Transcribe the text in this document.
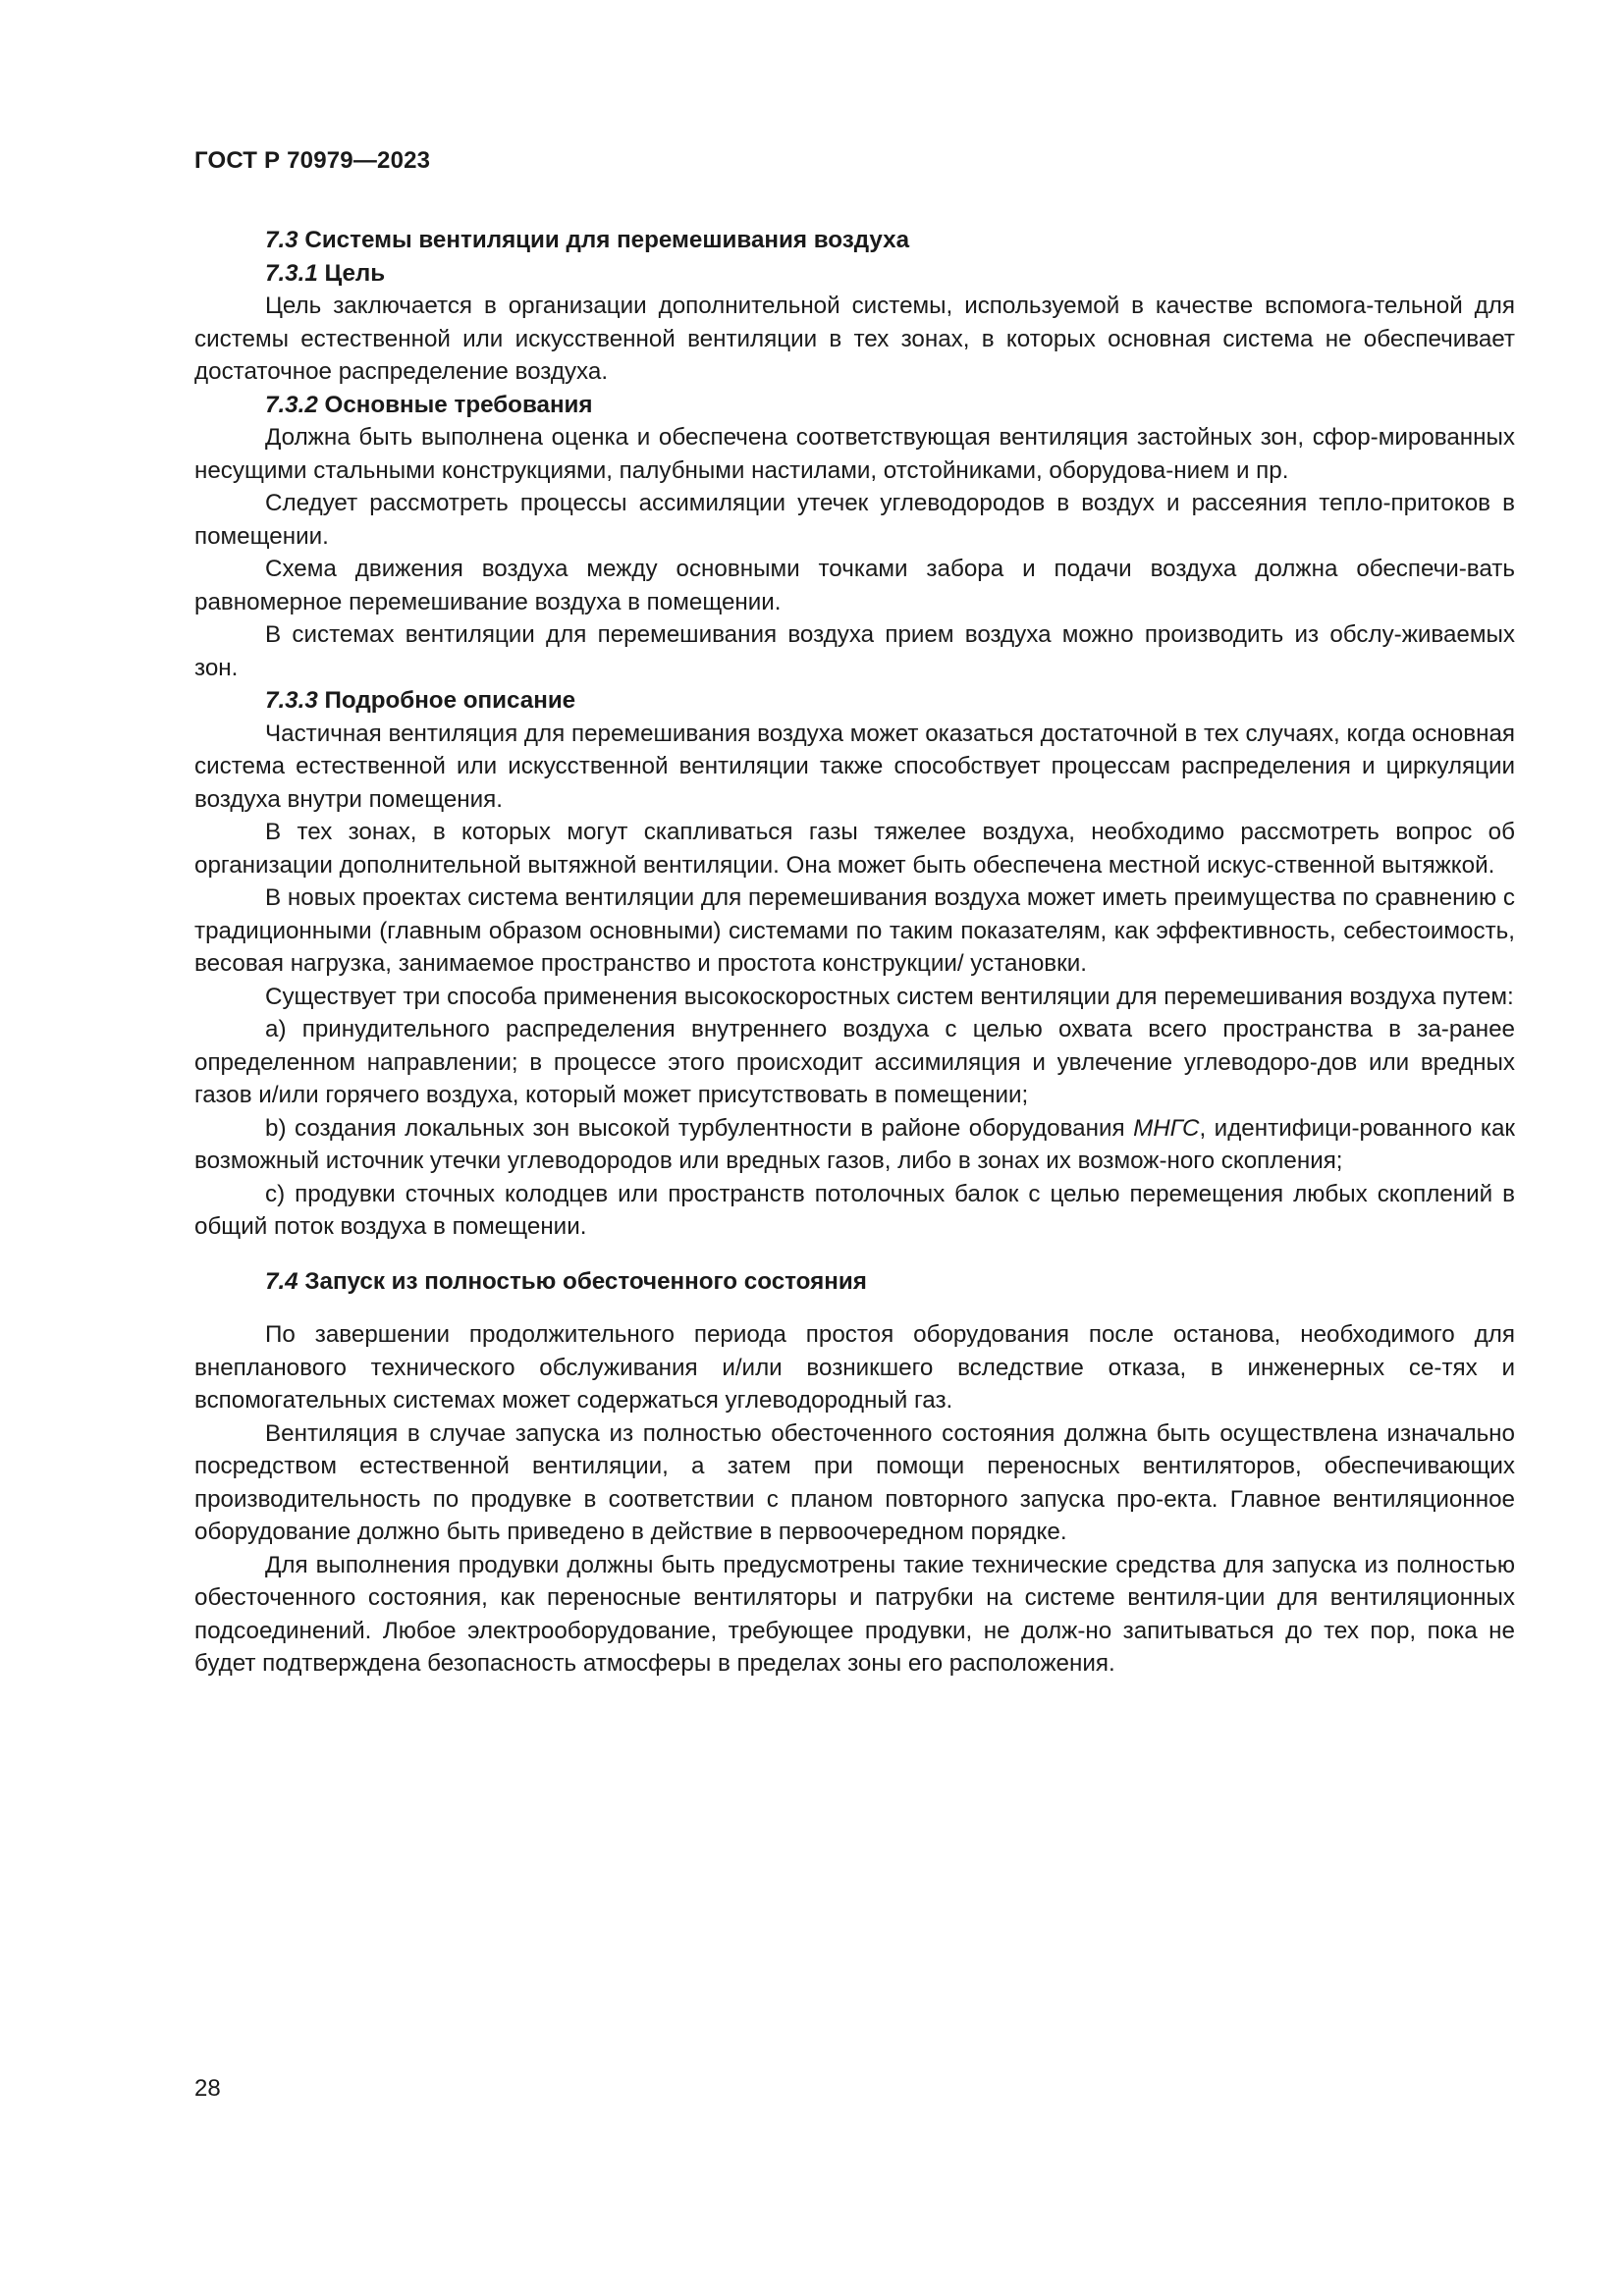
ГОСТ Р 70979—2023

7.3 Системы вентиляции для перемешивания воздуха

7.3.1 Цель

Цель заключается в организации дополнительной системы, используемой в качестве вспомога-тельной для системы естественной или искусственной вентиляции в тех зонах, в которых основная система не обеспечивает достаточное распределение воздуха.

7.3.2 Основные требования

Должна быть выполнена оценка и обеспечена соответствующая вентиляция застойных зон, сфор-мированных несущими стальными конструкциями, палубными настилами, отстойниками, оборудова-нием и пр.

Следует рассмотреть процессы ассимиляции утечек углеводородов в воздух и рассеяния тепло-притоков в помещении.

Схема движения воздуха между основными точками забора и подачи воздуха должна обеспечи-вать равномерное перемешивание воздуха в помещении.

В системах вентиляции для перемешивания воздуха прием воздуха можно производить из обслу-живаемых зон.

7.3.3 Подробное описание

Частичная вентиляция для перемешивания воздуха может оказаться достаточной в тех случаях, когда основная система естественной или искусственной вентиляции также способствует процессам распределения и циркуляции воздуха внутри помещения.

В тех зонах, в которых могут скапливаться газы тяжелее воздуха, необходимо рассмотреть вопрос об организации дополнительной вытяжной вентиляции. Она может быть обеспечена местной искус-ственной вытяжкой.

В новых проектах система вентиляции для перемешивания воздуха может иметь преимущества по сравнению с традиционными (главным образом основными) системами по таким показателям, как эффективность, себестоимость, весовая нагрузка, занимаемое пространство и простота конструкции/ установки.

Существует три способа применения высокоскоростных систем вентиляции для перемешивания воздуха путем:

а) принудительного распределения внутреннего воздуха с целью охвата всего пространства в за-ранее определенном направлении; в процессе этого происходит ассимиляция и увлечение углеводоро-дов или вредных газов и/или горячего воздуха, который может присутствовать в помещении;

b) создания локальных зон высокой турбулентности в районе оборудования МНГС, идентифици-рованного как возможный источник утечки углеводородов или вредных газов, либо в зонах их возмож-ного скопления;

с) продувки сточных колодцев или пространств потолочных балок с целью перемещения любых скоплений в общий поток воздуха в помещении.

7.4 Запуск из полностью обесточенного состояния

По завершении продолжительного периода простоя оборудования после останова, необходимого для внепланового технического обслуживания и/или возникшего вследствие отказа, в инженерных се-тях и вспомогательных системах может содержаться углеводородный газ.

Вентиляция в случае запуска из полностью обесточенного состояния должна быть осуществлена изначально посредством естественной вентиляции, а затем при помощи переносных вентиляторов, обеспечивающих производительность по продувке в соответствии с планом повторного запуска про-екта. Главное вентиляционное оборудование должно быть приведено в действие в первоочередном порядке.

Для выполнения продувки должны быть предусмотрены такие технические средства для запуска из полностью обесточенного состояния, как переносные вентиляторы и патрубки на системе вентиля-ции для вентиляционных подсоединений. Любое электрооборудование, требующее продувки, не долж-но запитываться до тех пор, пока не будет подтверждена безопасность атмосферы в пределах зоны его расположения.

28
